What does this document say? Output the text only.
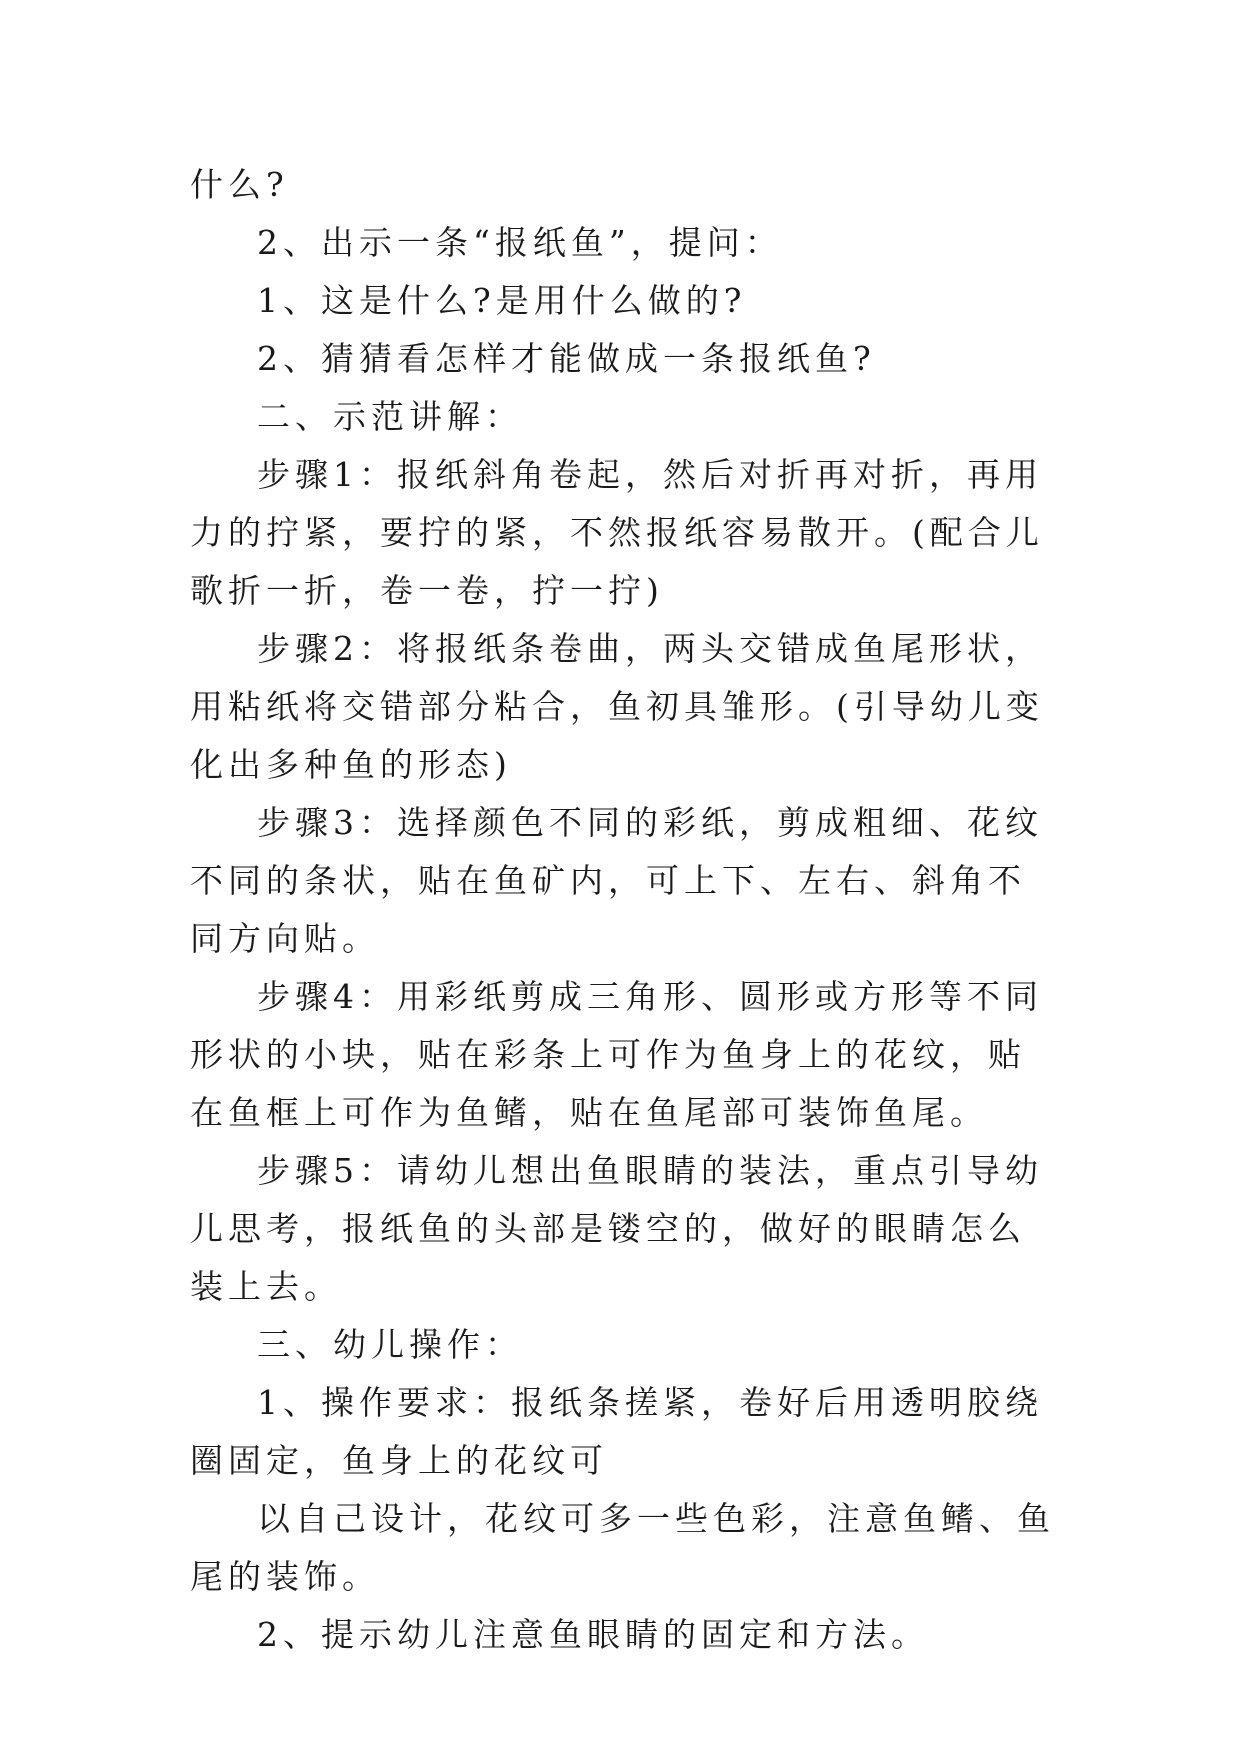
什么?

2、出示一条“报纸鱼”，提问：

1、这是什么?是用什么做的?

2、猜猜看怎样才能做成一条报纸鱼?

二、示范讲解：

步骤1：报纸斜角卷起，然后对折再对折，再用力的拧紧，要拧的紧，不然报纸容易散开。(配合儿歌折一折，卷一卷，拧一拧)

步骤2：将报纸条卷曲，两头交错成鱼尾形状，用粘纸将交错部分粘合，鱼初具雏形。(引导幼儿变化出多种鱼的形态)

步骤3：选择颜色不同的彩纸，剪成粗细、花纹不同的条状，贴在鱼矿内，可上下、左右、斜角不同方向贴。

步骤4：用彩纸剪成三角形、圆形或方形等不同形状的小块，贴在彩条上可作为鱼身上的花纹，贴在鱼框上可作为鱼鳍，贴在鱼尾部可装饰鱼尾。

步骤5：请幼儿想出鱼眼睛的装法，重点引导幼儿思考，报纸鱼的头部是镂空的，做好的眼睛怎么装上去。

三、幼儿操作：

1、操作要求：报纸条搓紧，卷好后用透明胶绕圈固定，鱼身上的花纹可

以自己设计，花纹可多一些色彩，注意鱼鳍、鱼尾的装饰。

2、提示幼儿注意鱼眼睛的固定和方法。
